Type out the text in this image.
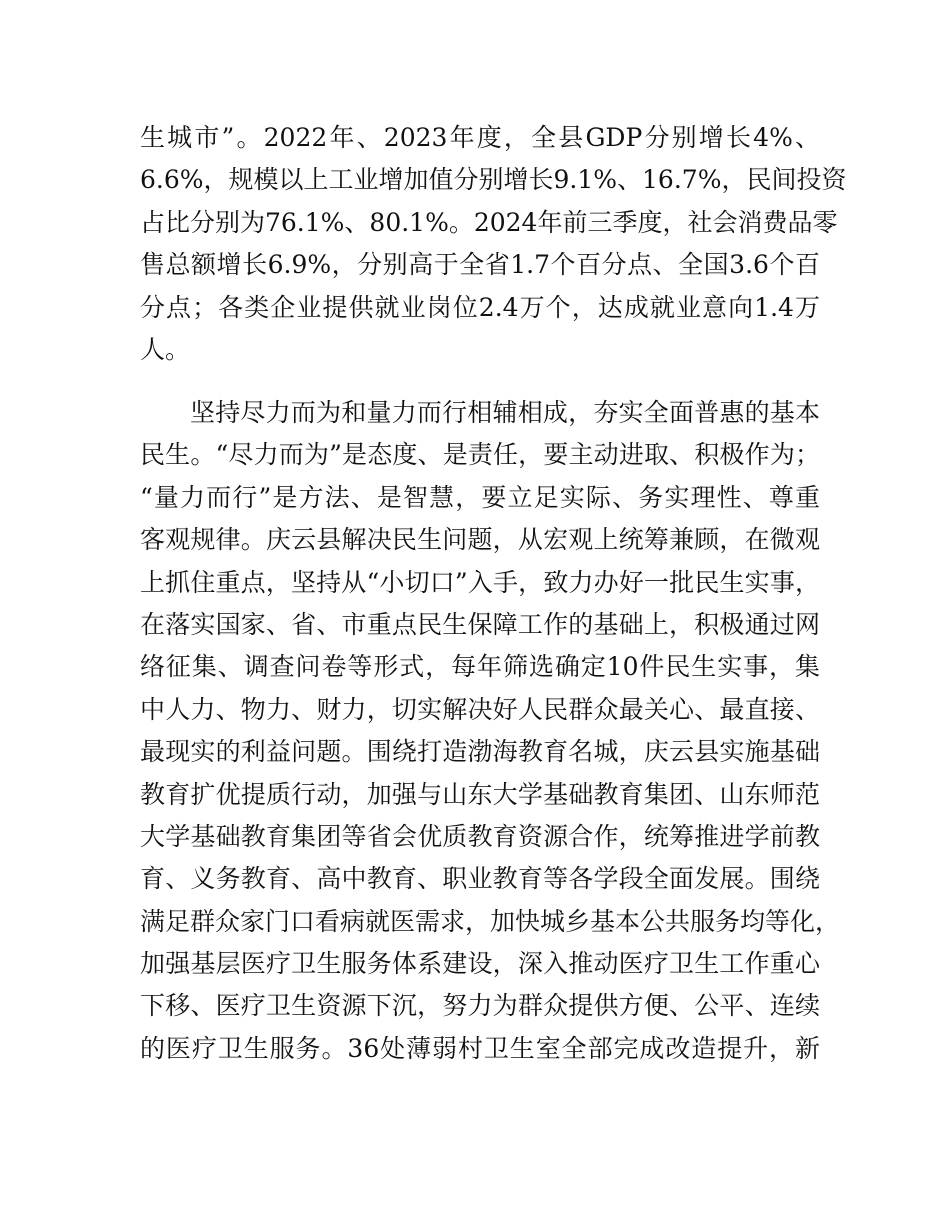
生城市”。2022年、2023年度，全县GDP分别增长4%、
6.6%，规模以上工业增加值分别增长9.1%、16.7%，民间投资
占比分别为76.1%、80.1%。2024年前三季度，社会消费品零
售总额增长6.9%，分别高于全省1.7个百分点、全国3.6个百
分点；各类企业提供就业岗位2.4万个，达成就业意向1.4万
人。
坚持尽力而为和量力而行相辅相成，夯实全面普惠的基本
民生。“尽力而为”是态度、是责任，要主动进取、积极作为；
“量力而行”是方法、是智慧，要立足实际、务实理性、尊重
客观规律。庆云县解决民生问题，从宏观上统筹兼顾，在微观
上抓住重点，坚持从“小切口”入手，致力办好一批民生实事，
在落实国家、省、市重点民生保障工作的基础上，积极通过网
络征集、调查问卷等形式，每年筛选确定10件民生实事，集
中人力、物力、财力，切实解决好人民群众最关心、最直接、
最现实的利益问题。围绕打造渤海教育名城，庆云县实施基础
教育扩优提质行动，加强与山东大学基础教育集团、山东师范
大学基础教育集团等省会优质教育资源合作，统筹推进学前教
育、义务教育、高中教育、职业教育等各学段全面发展。围绕
满足群众家门口看病就医需求，加快城乡基本公共服务均等化，
加强基层医疗卫生服务体系建设，深入推动医疗卫生工作重心
下移、医疗卫生资源下沉，努力为群众提供方便、公平、连续
的医疗卫生服务。36处薄弱村卫生室全部完成改造提升，新
